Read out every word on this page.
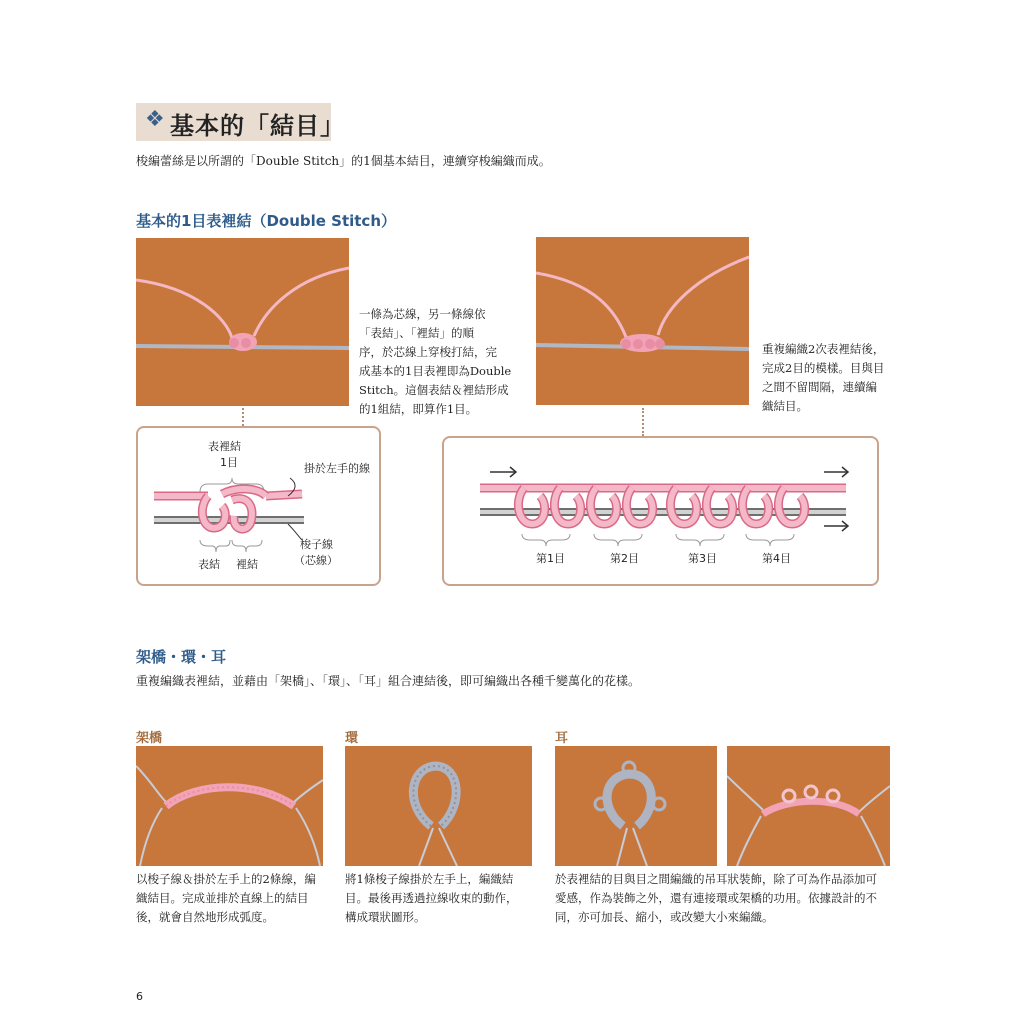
❖ 基本的「結目」
梭編蕾絲是以所謂的「Double Stitch」的1個基本結目，連續穿梭編織而成。
基本的1目表裡結（Double Stitch）
一條為芯線，另一條線依
「表結」、「裡結」的順
序，於芯線上穿梭打結，完
成基本的1目表裡即為Double
Stitch。這個表結＆裡結形成
的1組結，即算作1目。
重複編織2次表裡結後，
完成2目的模樣。目與目
之間不留間隔，連續編
織結目。
表裡結
1目	掛於左手的線
梭子線
（芯線）
表結 裡結	第1目	第2目	第3目	第4目
架橋・環・耳
重複編織表裡結，並藉由「架橋」、「環」、「耳」組合連結後，即可編織出各種千變萬化的花樣。
架橋	環	耳
以梭子線＆掛於左手上的2條線，編
織結目。完成並排於直線上的結目
後，就會自然地形成弧度。
將1條梭子線掛於左手上，編織結
目。最後再透過拉線收束的動作，
構成環狀圖形。
於表裡結的目與目之間編織的吊耳狀裝飾，除了可為作品添加可
愛感，作為裝飾之外，還有連接環或架橋的功用。依據設計的不
同，亦可加長、縮小，或改變大小來編織。
6
